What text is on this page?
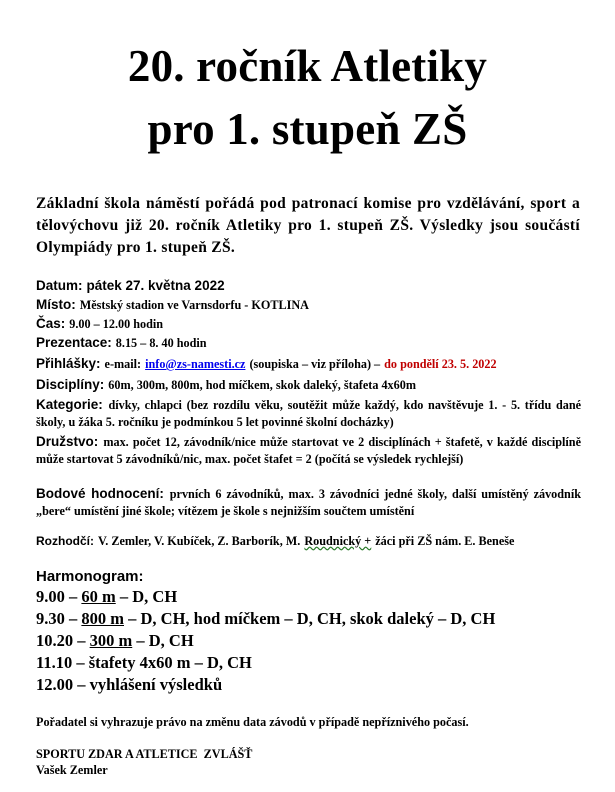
20. ročník Atletiky
pro 1. stupeň ZŠ
Základní škola náměstí pořádá pod patronací komise pro vzdělávání, sport a tělovýchovu již 20. ročník Atletiky pro 1. stupeň ZŠ. Výsledky jsou součástí Olympiády pro 1. stupeň ZŠ.
Datum: pátek 27. května 2022
Místo: Městský stadion ve Varnsdorfu - KOTLINA
Čas: 9.00 – 12.00 hodin
Prezentace: 8.15 – 8. 40 hodin
Přihlášky: e-mail: info@zs-namesti.cz (soupiska – viz příloha) – do pondělí 23. 5. 2022
Disciplíny: 60m, 300m, 800m, hod míčkem, skok daleký, štafeta 4x60m
Kategorie: dívky, chlapci (bez rozdílu věku, soutěžit může každý, kdo navštěvuje 1. - 5. třídu dané školy, u žáka 5. ročníku je podmínkou 5 let povinné školní docházky)
Družstvo: max. počet 12, závodník/nice může startovat ve 2 disciplínách + štafetě, v každé disciplíně může startovat 5 závodníků/nic, max. počet štafet = 2 (počítá se výsledek rychlejší)
Bodové hodnocení: prvních 6 závodníků, max. 3 závodníci jedné školy, další umístěný závodník „bere“ umístění jiné škole; vítězem je škole s nejnižším součtem umístění
Rozhodčí: V. Zemler, V. Kubíček, Z. Barborík, M. Roudnický + žáci při ZŠ nám. E. Beneše
Harmonogram:
9.00 – 60 m – D, CH
9.30 – 800 m – D, CH, hod míčkem – D, CH, skok daleký – D, CH
10.20 – 300 m – D, CH
11.10 – štafety 4x60 m – D, CH
12.00 – vyhlášení výsledků
Pořadatel si vyhrazuje právo na změnu data závodů v případě nepříznivého počasí.
SPORTU ZDAR A ATLETICE  ZVLÁŠŤ
Vašek Zemler
